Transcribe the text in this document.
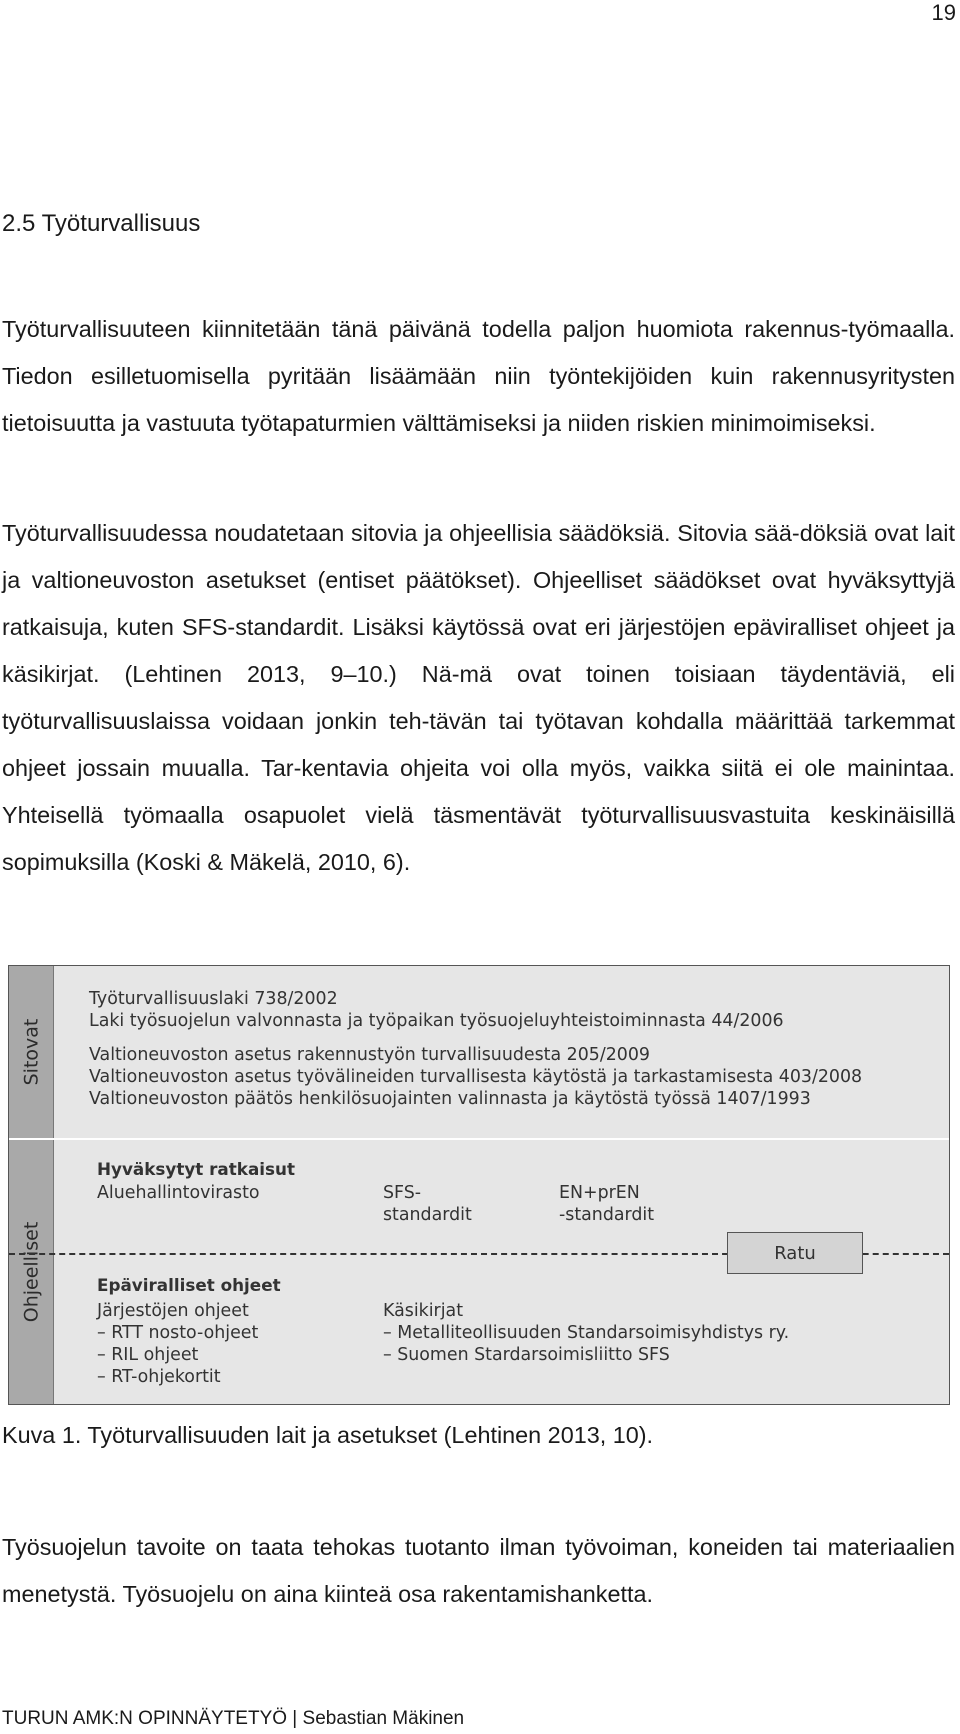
19
2.5 Työturvallisuus

Työturvallisuuteen kiinnitetään tänä päivänä todella paljon huomiota rakennus-työmaalla. Tiedon esilletuomisella pyritään lisäämään niin työntekijöiden kuin rakennusyritysten tietoisuutta ja vastuuta työtapaturmien välttämiseksi ja niiden riskien minimoimiseksi.

Työturvallisuudessa noudatetaan sitovia ja ohjeellisia säädöksiä. Sitovia sää-döksiä ovat lait ja valtioneuvoston asetukset (entiset päätökset). Ohjeelliset säädökset ovat hyväksyttyjä ratkaisuja, kuten SFS-standardit. Lisäksi käytössä ovat eri järjestöjen epäviralliset ohjeet ja käsikirjat. (Lehtinen 2013, 9–10.) Nä-mä ovat toinen toisiaan täydentäviä, eli työturvallisuuslaissa voidaan jonkin teh-tävän tai työtavan kohdalla määrittää tarkemmat ohjeet jossain muualla. Tar-kentavia ohjeita voi olla myös, vaikka siitä ei ole mainintaa. Yhteisellä työmaalla osapuolet vielä täsmentävät työturvallisuusvastuita keskinäisillä sopimuksilla (Koski & Mäkelä, 2010, 6).

Sitovat
Ohjeelliset
Työturvallisuuslaki 738/2002
Laki työsuojelun valvonnasta ja työpaikan työsuojeluyhteistoiminnasta 44/2006
Valtioneuvoston asetus rakennustyön turvallisuudesta 205/2009
Valtioneuvoston asetus työvälineiden turvallisesta käytöstä ja tarkastamisesta 403/2008
Valtioneuvoston päätös henkilösuojainten valinnasta ja käytöstä työssä 1407/1993
Hyväksytyt ratkaisut
Aluehallintovirasto	SFS-
standardit
EN+prEN
-standardit
Ratu
Epäviralliset ohjeet
Järjestöjen ohjeet
– RTT nosto-ohjeet
– RIL ohjeet
– RT-ohjekortit
Käsikirjat
– Metalliteollisuuden Standarsoimisyhdistys ry.
– Suomen Stardarsoimisliitto SFS
Kuva 1. Työturvallisuuden lait ja asetukset (Lehtinen 2013, 10).

Työsuojelun tavoite on taata tehokas tuotanto ilman työvoiman, koneiden tai materiaalien menetystä. Työsuojelu on aina kiinteä osa rakentamishanketta.

TURUN AMK:N OPINNÄYTETYÖ | Sebastian Mäkinen
